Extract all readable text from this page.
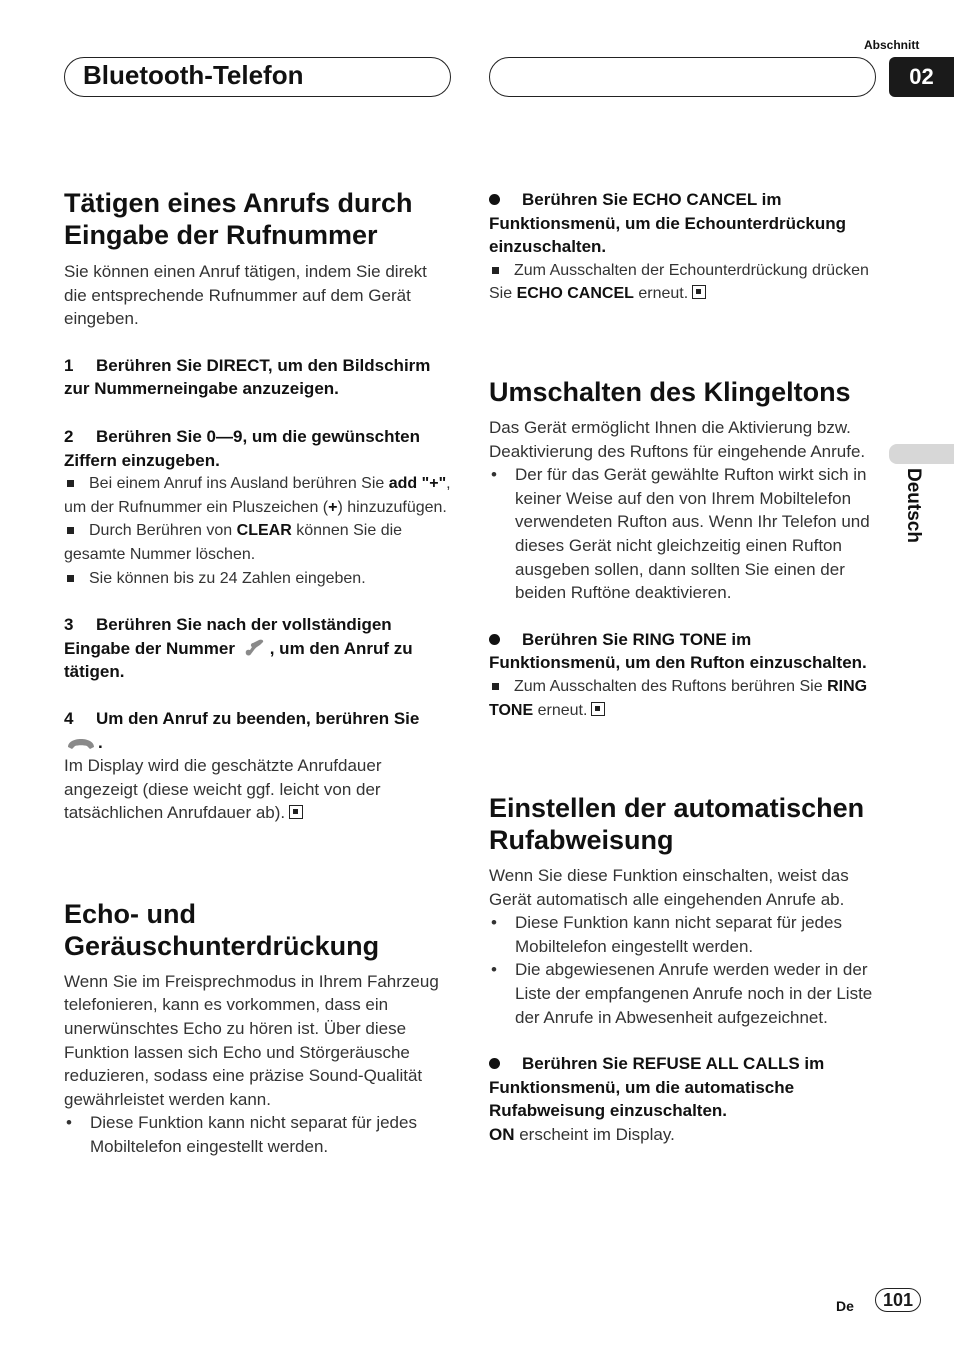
Abschnitt
Bluetooth-Telefon	02
Deutsch
Tätigen eines Anrufs durch Eingabe der Rufnummer

Sie können einen Anruf tätigen, indem Sie direkt die entsprechende Rufnummer auf dem Gerät eingeben.

1 Berühren Sie DIRECT, um den Bildschirm zur Nummerneingabe anzuzeigen.
2 Berühren Sie 0—9, um die gewünschten Ziffern einzugeben.
Bei einem Anruf ins Ausland berühren Sie add "+", um der Rufnummer ein Pluszeichen (+) hinzuzufügen.
Durch Berühren von CLEAR können Sie die gesamte Nummer löschen.
Sie können bis zu 24 Zahlen eingeben.
3 Berühren Sie nach der vollständigen Eingabe der Nummer , um den Anruf zu tätigen.
4 Um den Anruf zu beenden, berühren Sie .

Im Display wird die geschätzte Anrufdauer angezeigt (diese weicht ggf. leicht von der tatsächlichen Anrufdauer ab).

Echo- und Geräuschunterdrückung

Wenn Sie im Freisprechmodus in Ihrem Fahrzeug telefonieren, kann es vorkommen, dass ein unerwünschtes Echo zu hören ist. Über diese Funktion lassen sich Echo und Störgeräusche reduzieren, sodass eine präzise Sound-Qualität gewährleistet werden kann.

• Diese Funktion kann nicht separat für jedes Mobiltelefon eingestellt werden.
Berühren Sie ECHO CANCEL im Funktionsmenü, um die Echounterdrückung einzuschalten.
Zum Ausschalten der Echounterdrückung drücken Sie ECHO CANCEL erneut.
Umschalten des Klingeltons

Das Gerät ermöglicht Ihnen die Aktivierung bzw. Deaktivierung des Ruftons für eingehende Anrufe.

• Der für das Gerät gewählte Rufton wirkt sich in keiner Weise auf den von Ihrem Mobiltelefon verwendeten Rufton aus. Wenn Ihr Telefon und dieses Gerät nicht gleichzeitig einen Rufton ausgeben sollen, dann sollten Sie einen der beiden Ruftöne deaktivieren.
Berühren Sie RING TONE im Funktionsmenü, um den Rufton einzuschalten.
Zum Ausschalten des Ruftons berühren Sie RING TONE erneut.
Einstellen der automatischen Rufabweisung

Wenn Sie diese Funktion einschalten, weist das Gerät automatisch alle eingehenden Anrufe ab.

• Diese Funktion kann nicht separat für jedes Mobiltelefon eingestellt werden.
• Die abgewiesenen Anrufe werden weder in der Liste der empfangenen Anrufe noch in der Liste der Anrufe in Abwesenheit aufgezeichnet.
Berühren Sie REFUSE ALL CALLS im Funktionsmenü, um die automatische Rufabweisung einzuschalten.

ON erscheint im Display.

De	101
